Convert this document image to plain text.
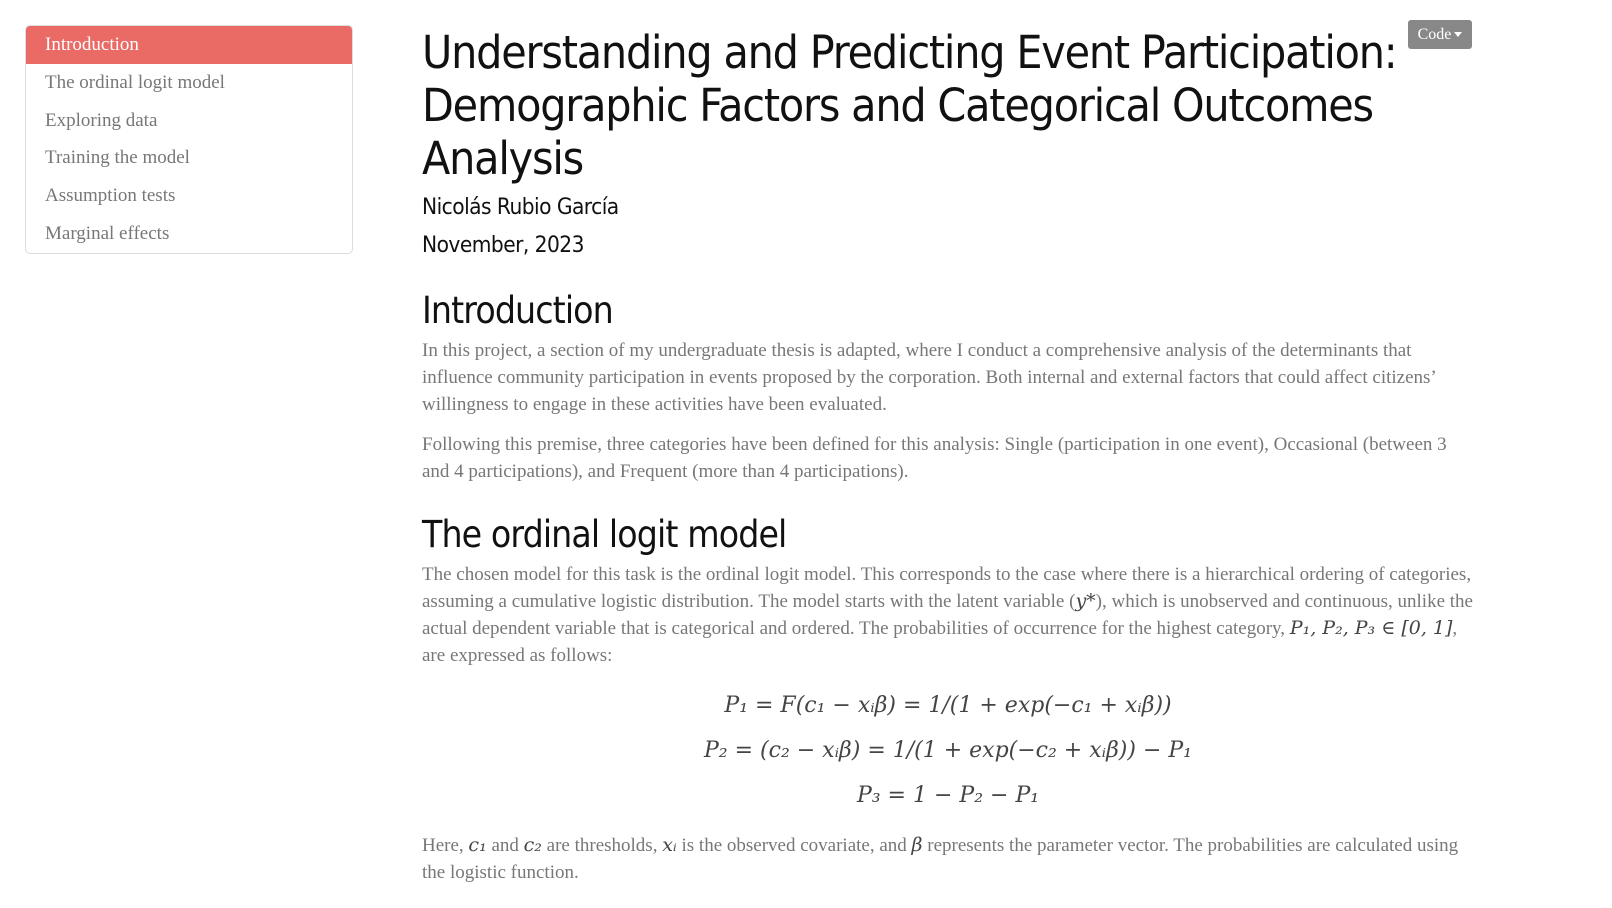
Introduction
The ordinal logit model
Exploring data
Training the model
Assumption tests
Marginal effects
Code
Understanding and Predicting Event Participation: Demographic Factors and Categorical Outcomes Analysis
Nicolás Rubio García
November, 2023
Introduction

In this project, a section of my undergraduate thesis is adapted, where I conduct a comprehensive analysis of the determinants that influence community participation in events proposed by the corporation. Both internal and external factors that could affect citizens’ willingness to engage in these activities have been evaluated.

Following this premise, three categories have been defined for this analysis: Single (participation in one event), Occasional (between 3 and 4 participations), and Frequent (more than 4 participations).

The ordinal logit model

The chosen model for this task is the ordinal logit model. This corresponds to the case where there is a hierarchical ordering of categories, assuming a cumulative logistic distribution. The model starts with the latent variable (y*), which is unobserved and continuous, unlike the actual dependent variable that is categorical and ordered. The probabilities of occurrence for the highest category, P₁, P₂, P₃ ∈ [0, 1], are expressed as follows:

P₁ = F(c₁ − xᵢβ) = 1/(1 + exp(−c₁ + xᵢβ))
P₂ = (c₂ − xᵢβ) = 1/(1 + exp(−c₂ + xᵢβ)) − P₁
P₃ = 1 − P₂ − P₁

Here, c₁ and c₂ are thresholds, xᵢ is the observed covariate, and β represents the parameter vector. The probabilities are calculated using the logistic function.
